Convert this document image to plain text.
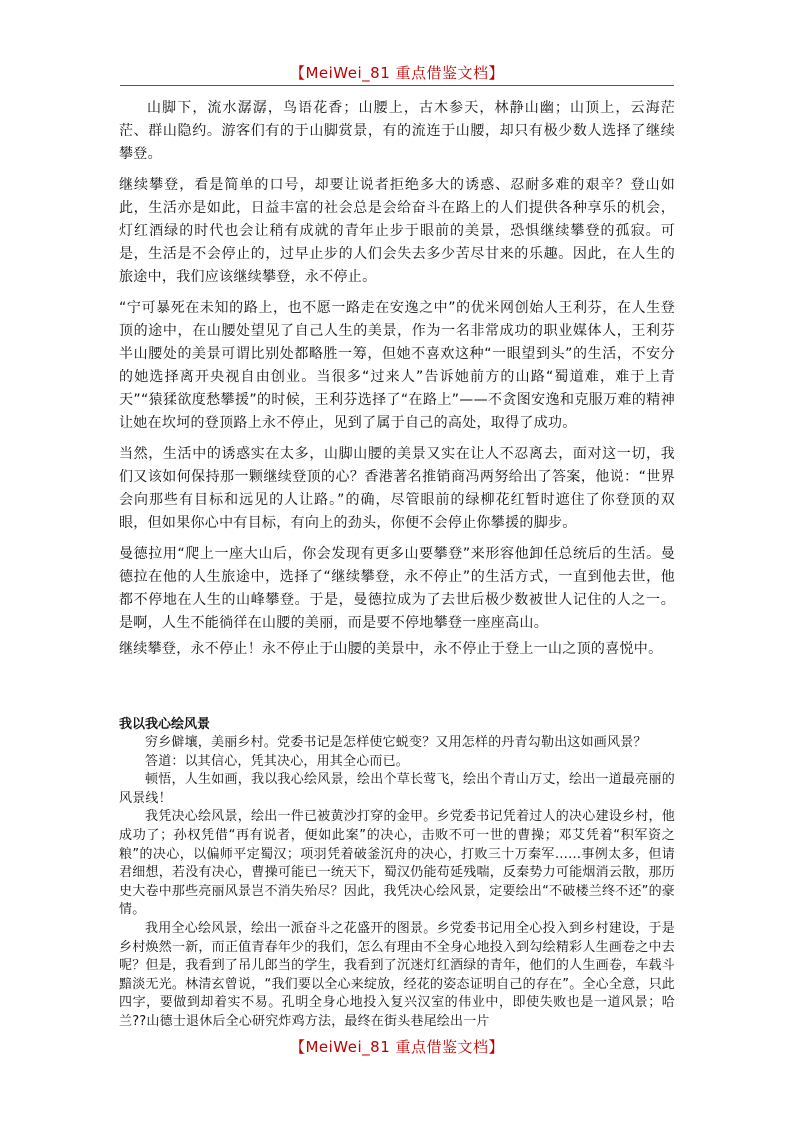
【MeiWei_81 重点借鉴文档】

山脚下，流水潺潺，鸟语花香；山腰上，古木参天，林静山幽；山顶上，云海茫茫、群山隐约。游客们有的于山脚赏景，有的流连于山腰，却只有极少数人选择了继续攀登。

继续攀登，看是简单的口号，却要让说者拒绝多大的诱惑、忍耐多难的艰辛？登山如此，生活亦是如此，日益丰富的社会总是会给奋斗在路上的人们提供各种享乐的机会，灯红酒绿的时代也会让稍有成就的青年止步于眼前的美景，恐惧继续攀登的孤寂。可是，生活是不会停止的，过早止步的人们会失去多少苦尽甘来的乐趣。因此，在人生的旅途中，我们应该继续攀登，永不停止。

“宁可暴死在未知的路上，也不愿一路走在安逸之中”的优米网创始人王利芬，在人生登顶的途中，在山腰处望见了自己人生的美景，作为一名非常成功的职业媒体人，王利芬半山腰处的美景可谓比别处都略胜一筹，但她不喜欢这种“一眼望到头”的生活，不安分的她选择离开央视自由创业。当很多“过来人”告诉她前方的山路“蜀道难，难于上青天”“猿猱欲度愁攀援”的时候，王利芬选择了“在路上”——不贪图安逸和克服万难的精神让她在坎坷的登顶路上永不停止，见到了属于自己的高处，取得了成功。

当然，生活中的诱惑实在太多，山脚山腰的美景又实在让人不忍离去，面对这一切，我们又该如何保持那一颗继续登顶的心？香港著名推销商冯两努给出了答案，他说：“世界会向那些有目标和远见的人让路。”的确，尽管眼前的绿柳花红暂时遮住了你登顶的双眼，但如果你心中有目标，有向上的劲头，你便不会停止你攀援的脚步。

曼德拉用“爬上一座大山后，你会发现有更多山要攀登”来形容他卸任总统后的生活。曼德拉在他的人生旅途中，选择了“继续攀登，永不停止”的生活方式，一直到他去世，他都不停地在人生的山峰攀登。于是，曼德拉成为了去世后极少数被世人记住的人之一。是啊，人生不能徜徉在山腰的美丽，而是要不停地攀登一座座高山。

继续攀登，永不停止！永不停止于山腰的美景中，永不停止于登上一山之顶的喜悦中。

我以我心绘风景

穷乡僻壤，美丽乡村。党委书记是怎样使它蜕变？又用怎样的丹青勾勒出这如画风景？

答道：以其信心，凭其决心，用其全心而已。

顿悟，人生如画，我以我心绘风景，绘出个草长莺飞，绘出个青山万丈，绘出一道最亮丽的风景线！

我凭决心绘风景，绘出一件已被黄沙打穿的金甲。乡党委书记凭着过人的决心建设乡村，他成功了；孙权凭借“再有说者，便如此案”的决心，击败不可一世的曹操；邓艾凭着“积军资之粮”的决心，以偏师平定蜀汉；项羽凭着破釜沉舟的决心，打败三十万秦军……事例太多，但请君细想，若没有决心，曹操可能已一统天下，蜀汉仍能苟延残喘，反秦势力可能烟消云散，那历史大卷中那些亮丽风景岂不消失殆尽？因此，我凭决心绘风景，定要绘出“不破楼兰终不还”的豪情。

我用全心绘风景，绘出一派奋斗之花盛开的图景。乡党委书记用全心投入到乡村建设，于是乡村焕然一新，而正值青春年少的我们，怎么有理由不全身心地投入到勾绘精彩人生画卷之中去呢？但是，我看到了吊儿郎当的学生，我看到了沉迷灯红酒绿的青年，他们的人生画卷，车载斗黯淡无光。林清玄曾说，“我们要以全心来绽放，经花的姿态证明自己的存在”。全心全意，只此四字，要做到却着实不易。孔明全身心地投入复兴汉室的伟业中，即使失败也是一道风景；哈兰??山德士退休后全心研究炸鸡方法，最终在街头巷尾绘出一片

【MeiWei_81 重点借鉴文档】
